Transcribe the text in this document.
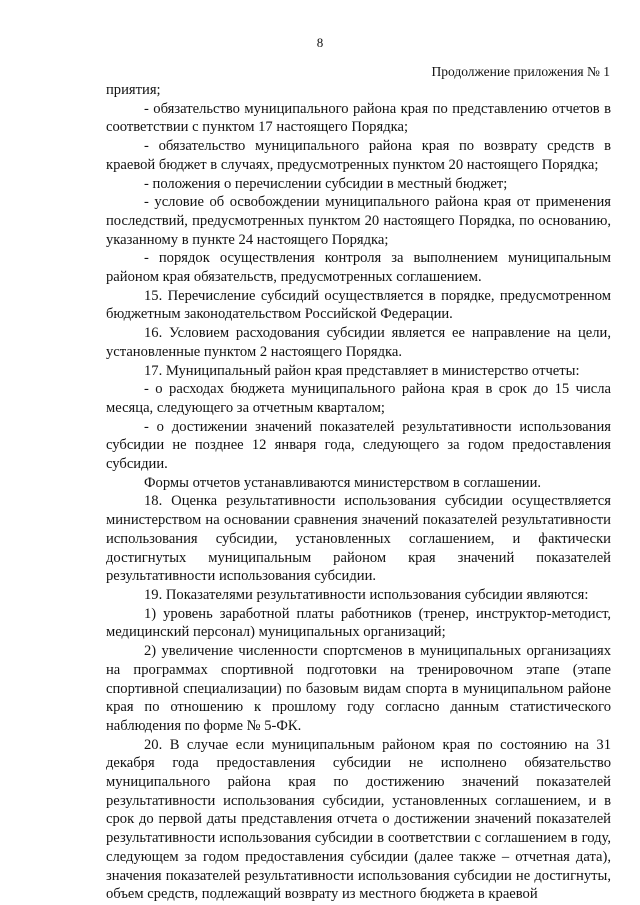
8
Продолжение приложения № 1

приятия;

- обязательство муниципального района края по представлению отчетов в соответствии с пунктом 17 настоящего Порядка;

- обязательство муниципального района края по возврату средств в краевой бюджет в случаях, предусмотренных пунктом 20 настоящего Порядка;

- положения о перечислении субсидии в местный бюджет;

- условие об освобождении муниципального района края от применения последствий, предусмотренных пунктом 20 настоящего Порядка, по основанию, указанному в пункте 24 настоящего Порядка;

- порядок осуществления контроля за выполнением муниципальным районом края обязательств, предусмотренных соглашением.

15. Перечисление субсидий осуществляется в порядке, предусмотренном бюджетным законодательством Российской Федерации.

16. Условием расходования субсидии является ее направление на цели, установленные пунктом 2 настоящего Порядка.

17. Муниципальный район края представляет в министерство отчеты:

- о расходах бюджета муниципального района края в срок до 15 числа месяца, следующего за отчетным кварталом;

- о достижении значений показателей результативности использования субсидии не позднее 12 января года, следующего за годом предоставления субсидии.

Формы отчетов устанавливаются министерством в соглашении.

18. Оценка результативности использования субсидии осуществляется министерством на основании сравнения значений показателей результативности использования субсидии, установленных соглашением, и фактически достигнутых муниципальным районом края значений показателей результативности использования субсидии.

19. Показателями результативности использования субсидии являются:

1) уровень заработной платы работников (тренер, инструктор-методист, медицинский персонал) муниципальных организаций;

2) увеличение численности спортсменов в муниципальных организациях на программах спортивной подготовки на тренировочном этапе (этапе спортивной специализации) по базовым видам спорта в муниципальном районе края по отношению к прошлому году согласно данным статистического наблюдения по форме № 5-ФК.

20. В случае если муниципальным районом края по состоянию на 31 декабря года предоставления субсидии не исполнено обязательство муниципального района края по достижению значений показателей результативности использования субсидии, установленных соглашением, и в срок до первой даты представления отчета о достижении значений показателей результативности использования субсидии в соответствии с соглашением в году, следующем за годом предоставления субсидии (далее также – отчетная дата), значения показателей результативности использования субсидии не достигнуты, объем средств, подлежащий возврату из местного бюджета в краевой
